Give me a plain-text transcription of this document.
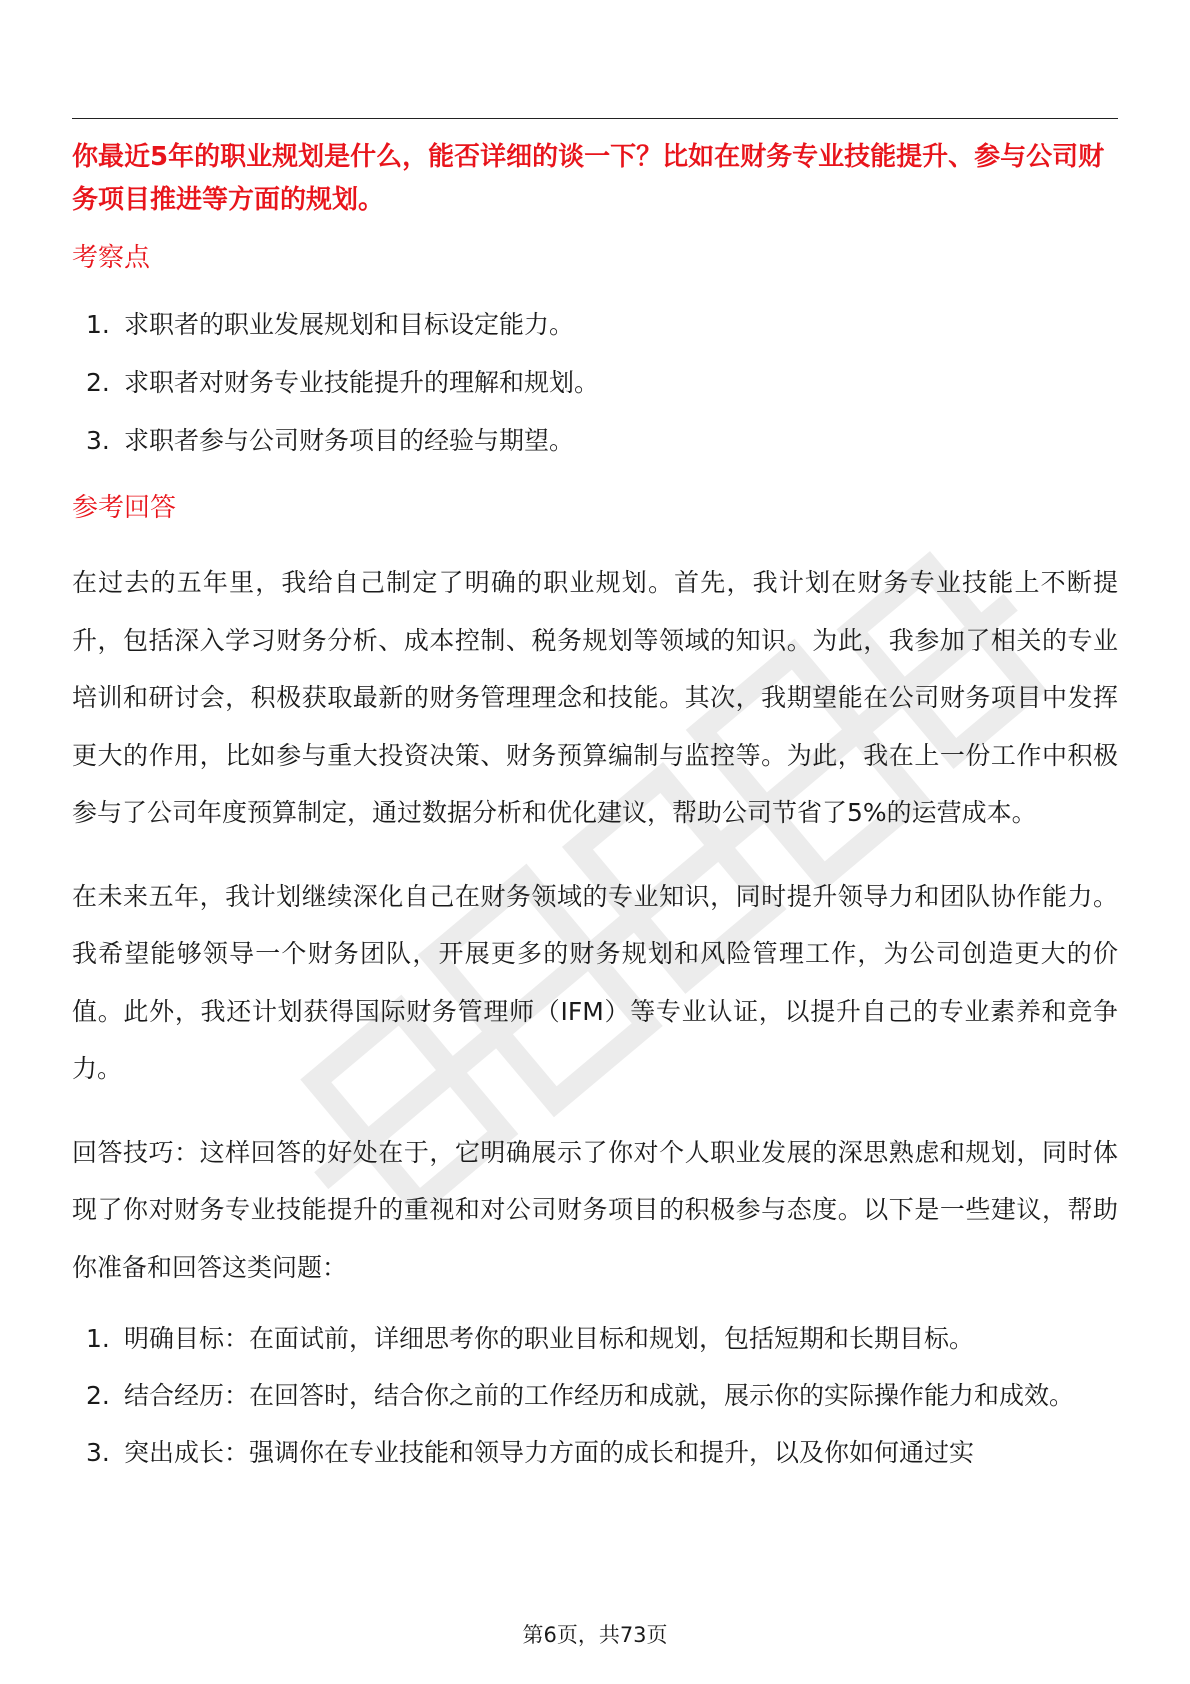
你最近5年的职业规划是什么，能否详细的谈一下？比如在财务专业技能提升、参与公司财务项目推进等方面的规划。

考察点

1. 求职者的职业发展规划和目标设定能力。
2. 求职者对财务专业技能提升的理解和规划。
3. 求职者参与公司财务项目的经验与期望。

参考回答

在过去的五年里，我给自己制定了明确的职业规划。首先，我计划在财务专业技能上不断提升，包括深入学习财务分析、成本控制、税务规划等领域的知识。为此，我参加了相关的专业培训和研讨会，积极获取最新的财务管理理念和技能。其次，我期望能在公司财务项目中发挥更大的作用，比如参与重大投资决策、财务预算编制与监控等。为此，我在上一份工作中积极参与了公司年度预算制定，通过数据分析和优化建议，帮助公司节省了5%的运营成本。

在未来五年，我计划继续深化自己在财务领域的专业知识，同时提升领导力和团队协作能力。我希望能够领导一个财务团队，开展更多的财务规划和风险管理工作，为公司创造更大的价值。此外，我还计划获得国际财务管理师（IFM）等专业认证，以提升自己的专业素养和竞争力。

回答技巧：这样回答的好处在于，它明确展示了你对个人职业发展的深思熟虑和规划，同时体现了你对财务专业技能提升的重视和对公司财务项目的积极参与态度。以下是一些建议，帮助你准备和回答这类问题：

1. 明确目标：在面试前，详细思考你的职业目标和规划，包括短期和长期目标。
2. 结合经历：在回答时，结合你之前的工作经历和成就，展示你的实际操作能力和成效。
3. 突出成长：强调你在专业技能和领导力方面的成长和提升，以及你如何通过实
第6页，共73页
